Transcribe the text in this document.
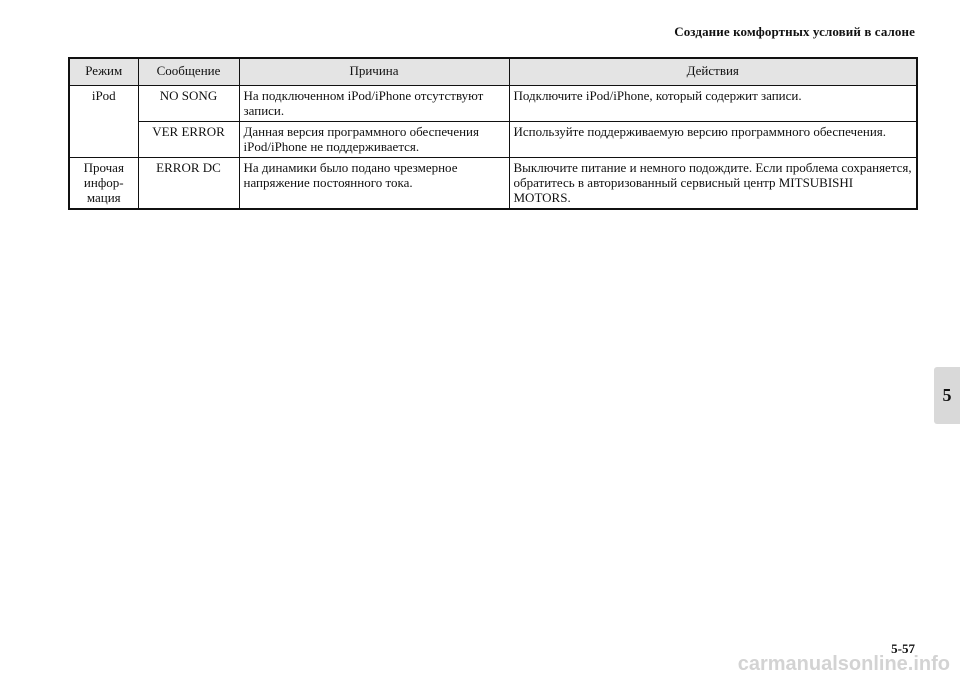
Создание комфортных условий в салоне
Режим	Сообщение	Причина	Действия

iPod	NO SONG	На подключенном iPod/iPhone отсутствуют записи.	Подключите iPod/iPhone, который содержит записи.
	VER ERROR	Данная версия программного обеспечения iPod/iPhone не поддерживается.	Используйте поддерживаемую версию программного обеспечения.

Прочая
инфор-
мация	ERROR DC	На динамики было подано чрезмерное напряжение постоянного тока.	Выключите питание и немного подождите. Если проблема сохраняется, обратитесь в авторизованный сервисный центр MITSUBISHI MOTORS.
5
5-57
carmanualsonline.info
